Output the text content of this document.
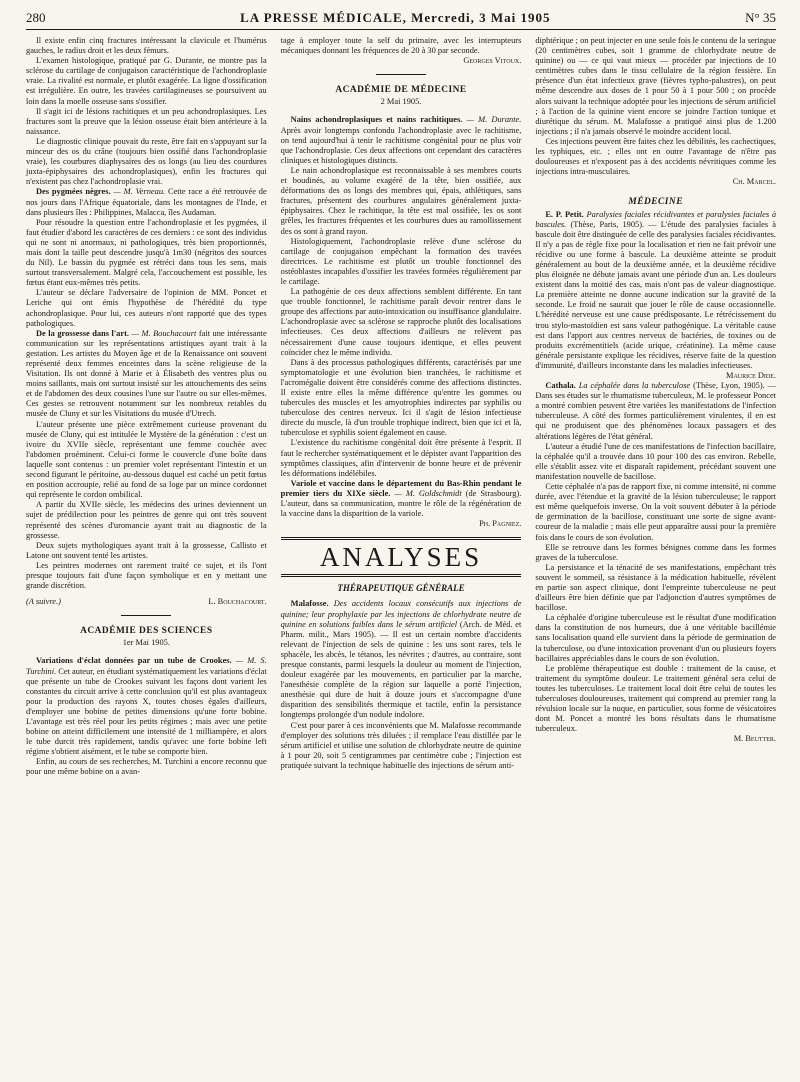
280	LA PRESSE MÉDICALE, Mercredi, 3 Mai 1905	N° 35

Il existe enfin cinq fractures intéressant la clavicule et l'humérus gauches, le radius droit et les deux fémurs.

L'examen histologique, pratiqué par G. Durante, ne montre pas la sclérose du cartilage de conjugaison caractéristique de l'achondroplasie vraie. La rivalité est normale, et plutôt exagérée. La ligne d'ossification est irrégulière. En outre, les travées cartilagineuses se poursuivent au loin dans la moelle osseuse sans s'ossifier.

Il s'agit ici de lésions rachitiques et un peu achondroplasiques. Les fractures sont la preuve que la lésion osseuse était bien antérieure à la naissance.

Le diagnostic clinique pouvait du reste, être fait en s'appuyant sur la minceur des os du crâne (toujours bien ossifié dans l'achondroplasie vraie), les courbures diaphysaires des os longs (au lieu des courdures juxta-épiphysaires des achondroplasiques), enfin les fractures qui n'existent pas chez l'achondroplasie vrai.

Des pygmées nègres. — M. Verneau. Cette race a été retrouvée de nos jours dans l'Afrique équatoriale, dans les montagnes de l'Inde, et dans plusieurs îles : Philippines, Malacca, îles Audaman.

Pour résoudre la question entre l'achondroplasie et les pygmées, il faut étudier d'abord les caractères de ces derniers : ce sont des individus qui ne sont ni anormaux, ni pathologiques, très bien proportionnés, mais dont la taille peut descendre jusqu'à 1m30 (négritos des sources du Nil). Le bassin du pygmée est rétréci dans tous les sens, mais surtout transversalement. Malgré cela, l'accouchement est possible, les fœtus étant eux-mêmes très petits.

L'auteur se déclare l'adversaire de l'opinion de MM. Poncet et Leriche qui ont émis l'hypothèse de l'hérédité du type achondroplasique. Pour lui, ces auteurs n'ont rapporté que des types pathologiques.

De la grossesse dans l'art. — M. Bouchacourt fait une intéressante communication sur les représentations artistiques ayant trait à la gestation. Les artistes du Moyen âge et de la Renaissance ont souvent représenté deux femmes enceintes dans la scène religieuse de la Visitation. Ils ont donné à Marie et à Élisabeth des ventres plus ou moins saillants, mais ont surtout insisté sur les attouchements des seins et de l'abdomen des deux cousines l'une sur l'autre ou sur elles-mêmes. Ces gestes se retrouvent notamment sur les nombreux retables du musée de Cluny et sur les Visitations du musée d'Utrech.

L'auteur présente une pièce extrêmement curieuse provenant du musée de Cluny, qui est intitulée le Mystère de la génération : c'est un ivoire du XVIIe siècle, représentant une femme couchée avec l'abdomen proéminent. Celui-ci forme le couvercle d'une boîte dans laquelle sont contenus : un premier volet représentant l'intestin et un second figurant le péritoine, au-dessous duquel est caché un petit fœtus en position accroupie, relié au fond de sa loge par un mince cordonnet qui représente le cordon ombilical.

A partir du XVIIe siècle, les médecins des urines deviennent un sujet de prédilection pour les peintres de genre qui ont très souvent représenté des scènes d'uromancie ayant trait au diagnostic de la grossesse.

Deux sujets mythologiques ayant trait à la grossesse, Callisto et Latone ont souvent tenté les artistes.

Les peintres modernes ont rarement traité ce sujet, et ils l'ont presque toujours fait d'une façon symbolique et en y mettant une grande discrétion.

(A suivre.)	L. Bouchacourt.
ACADÉMIE DES SCIENCES
1er Mai 1905.

Variations d'éclat données par un tube de Crookes. — M. S. Turchini. Cet auteur, en étudiant systématiquement les variations d'éclat que présente un tube de Crookes suivant les façons dont varient les constantes du circuit arrive à cette conclusion qu'il est plus avantageux pour la production des rayons X, toutes choses égales d'ailleurs, d'employer une bobine de petites dimensions qu'une forte bobine. L'avantage est très réel pour les petits régimes ; mais avec une petite bobine on atteint difficilement une intensité de 1 milliampère, et alors le tube durcit très rapidement, tandis qu'avec une forte bobine left régime s'obtient aisément, et le tube se comporte bien.

Enfin, au cours de ses recherches, M. Turchini a encore reconnu que pour une même bobine on a avan-

tage à employer toute la self du primaire, avec les interrupteurs mécaniques donnant les fréquences de 20 à 30 par seconde.

Georges Vitoux.

ACADÉMIE DE MÉDECINE
2 Mai 1905.

Nains achondroplasiques et nains rachitiques. — M. Durante. Après avoir longtemps confondu l'achondroplasie avec le rachitisme, on tend aujourd'hui à tenir le rachitisme congénital pour ne plus voir que l'achondroplasie. Ces deux affections ont cependant des caractères cliniques et histologiques distincts.

Le nain achondroplasique est reconnaissable à ses membres courts et boudinés, au volume exagéré de la tête, bien ossifiée, aux déformations des os longs des membres qui, épais, athlétiques, sans fractures, présentent des courbures angulaires généralement juxta-épiphysaires. Chez le rachitique, la tête est mal ossifiée, les os sont grêles, les fractures fréquentes et les courbures dues au ramollissement des os sont à grand rayon.

Histologiquement, l'achondroplasie relève d'une sclérose du cartilage de conjugaison empêchant la formation des travées directrices. Le rachitisme est plutôt un trouble fonctionnel des ostéoblastes incapables d'ossifier les travées formées régulièrement par le cartilage.

La pathogénie de ces deux affections semblent différente. En tant que trouble fonctionnel, le rachitisme paraît devoir rentrer dans le groupe des affections par auto-intoxication ou insuffisance glandulaire. L'achondroplasie avec sa sclérose se rapproche plutôt des localisations infectieuses. Ces deux affections d'ailleurs ne relèvent pas nécessairement d'une cause toujours identique, et elles peuvent coïncider chez le même individu.

Dans à des processus pathologiques différents, caractérisés par une symptomatologie et une évolution bien tranchées, le rachitisme et l'acromégalie doivent être considérés comme des affections distinctes. Il existe entre elles la même différence qu'entre les gommes ou tubercules des muscles et les amyotrophies indirectes par syphilis ou tuberculose des centres nerveux. Ici il s'agit de lésion infectieuse directe du muscle, là d'un trouble trophique indirect, bien que ici et là, tuberculose et syphilis soient également en cause.

L'existence du rachitisme congénital doit être présente à l'esprit. Il faut le rechercher systématiquement et le dépister avant l'apparition des symptômes classiques, afin d'intervenir de bonne heure et de prévenir les déformations indélébiles.

Variole et vaccine dans le département du Bas-Rhin pendant le premier tiers du XIXe siècle. — M. Goldschmidt (de Strasbourg). L'auteur, dans sa communication, montre le rôle de la régénération de la vaccine dans la disparition de la variole.

Ph. Pagniez.

ANALYSES
THÉRAPEUTIQUE GÉNÉRALE

Malafosse. Des accidents locaux consécutifs aux injections de quinine; leur prophylaxie par les injections de chlorhydrate neutre de quinine en solutions faibles dans le sérum artificiel (Arch. de Méd. et Pharm. milit., Mars 1905). — Il est un certain nombre d'accidents relevant de l'injection de sels de quinine : les uns sont rares, tels le sphacèle, les abcès, le tétanos, les névrites ; d'autres, au contraire, sont presque constants, parmi lesquels la douleur au moment de l'injection, douleur exagérée par les mouvements, en particulier par la marche, l'anesthésie complète de la région sur laquelle a porté l'injection, anesthésie qui dure de huit à douze jours et s'accompagne d'une disparition des sensibilités thermique et tactile, enfin la persistance longtemps prolongée d'un nodule indolore.

C'est pour parer à ces inconvénients que M. Malafosse recommande d'employer des solutions très diluées ; il remplace l'eau distillée par le sérum artificiel et utilise une solution de chlorhydrate neutre de quinine à 1 pour 20, soit 5 centigrammes par centimètre cube ; l'injection est pratiquée suivant la technique habituelle des injections de sérum anti-

diphtérique ; on peut injecter en une seule fois le contenu de la seringue (20 centimètres cubes, soit 1 gramme de chlorhydrate neutre de quinine) ou — ce qui vaut mieux — procéder par injections de 10 centimètres cubes dans le tissu cellulaire de la région fessière. En présence d'un état infectieux grave (fièvres typho-palustres), on peut même descendre aux doses de 1 pour 50 à 1 pour 500 ; on procède alors suivant la technique adoptée pour les injections de sérum artificiel ; à l'action de la quinine vient encore se joindre l'action tonique et diurétique du sérum. M. Malafosse a pratiqué ainsi plus de 1.200 injections ; il n'a jamais observé le moindre accident local.

Ces injections peuvent être faites chez les débilités, les cachectiques, les typhiques, etc. ; elles ont en outre l'avantage de n'être pas douloureuses et n'exposent pas à des accidents névritiques comme les injections intra-musculaires.

Ch. Marcel.

MÉDECINE

E. P. Petit. Paralysies faciales récidivantes et paralysies faciales à bascules. (Thèse, Paris, 1905). — L'étude des paralysies faciales à bascule doit être distinguée de celle des paralysies faciales récidivantes. Il n'y a pas de règle fixe pour la localisation et rien ne fait prévoir une récidive ou une forme à bascule. La deuxième atteinte se produit généralement au bout de la deuxième année, et la deuxième récidive plus éloignée ne débute jamais avant une période d'un an. Les douleurs existent dans la moitié des cas, mais n'ont pas de valeur diagnostique. La première atteinte ne donne aucune indication sur la gravité de la seconde. Le froid ne saurait que jouer le rôle de cause occasionnelle. L'hérédité nerveuse est une cause prédisposante. Le rétrécissement du trou stylo-mastoïdien est sans valeur pathogénique. La véritable cause est dans l'apport aux centres nerveux de bactéries, de toxines ou de produits excrémentitiels (acide urique, créatinine). La même cause générale persistante explique les récidives, réserve faite de la question d'immunité, d'ailleurs inconstante dans les maladies infectieuses.

Maurice Dide.

Cathala. La céphalée dans la tuberculose (Thèse, Lyon, 1905). — Dans ses études sur le rhumatisme tuberculeux, M. le professeur Poncet a montré combien peuvent être variées les manifestations de l'infection tuberculeuse. A côté des formes particulièrement virulentes, il en est qui ne produisent que des phénomènes locaux passagers et des altérations légères de l'état général.

L'auteur a étudié l'une de ces manifestations de l'infection bacillaire, la céphalée qu'il a trouvée dans 10 pour 100 des cas environ. Rebelle, elle s'établit assez vite et disparaît rapidement, précédant souvent une manifestation nouvelle de bacillose.

Cette céphalée n'a pas de rapport fixe, ni comme intensité, ni comme durée, avec l'étendue et la gravité de la lésion tuberculeuse; le rapport est même quelquefois inverse. On la voit souvent débuter à la période de germination de la bacillose, constituant une sorte de signe avant-coureur de la maladie ; mais elle peut apparaître aussi pour la première fois dans le cours de son évolution.

Elle se retrouve dans les formes bénignes comme dans les formes graves de la tuberculose.

La persistance et la ténacité de ses manifestations, empêchant très souvent le sommeil, sa résistance à la médication habituelle, révèlent en partie son aspect clinique, dont l'empreinte tuberculeuse ne peut d'ailleurs être bien définie que par l'adjonction d'autres symptômes de bacillose.

La céphalée d'origine tuberculeuse est le résultat d'une modification dans la constitution de nos humeurs, due à une véritable bacillémie sans localisation quand elle survient dans la période de germination de la tuberculose, ou d'une intoxication provenant d'un ou plusieurs foyers bacillaires appréciables dans le cours de son évolution.

Le problème thérapeutique est double : traitement de la cause, et traitement du symptôme douleur. Le traitement général sera celui de toutes les tuberculoses. Le traitement local doit être celui de toutes les tuberculoses douloureuses, traitement qui comprend au premier rang la révulsion locale sur la nuque, en particulier, sous forme de vésicatoires dont M. Poncet a montré les bons résultats dans le rhumatisme tuberculeux.

M. Beutter.
